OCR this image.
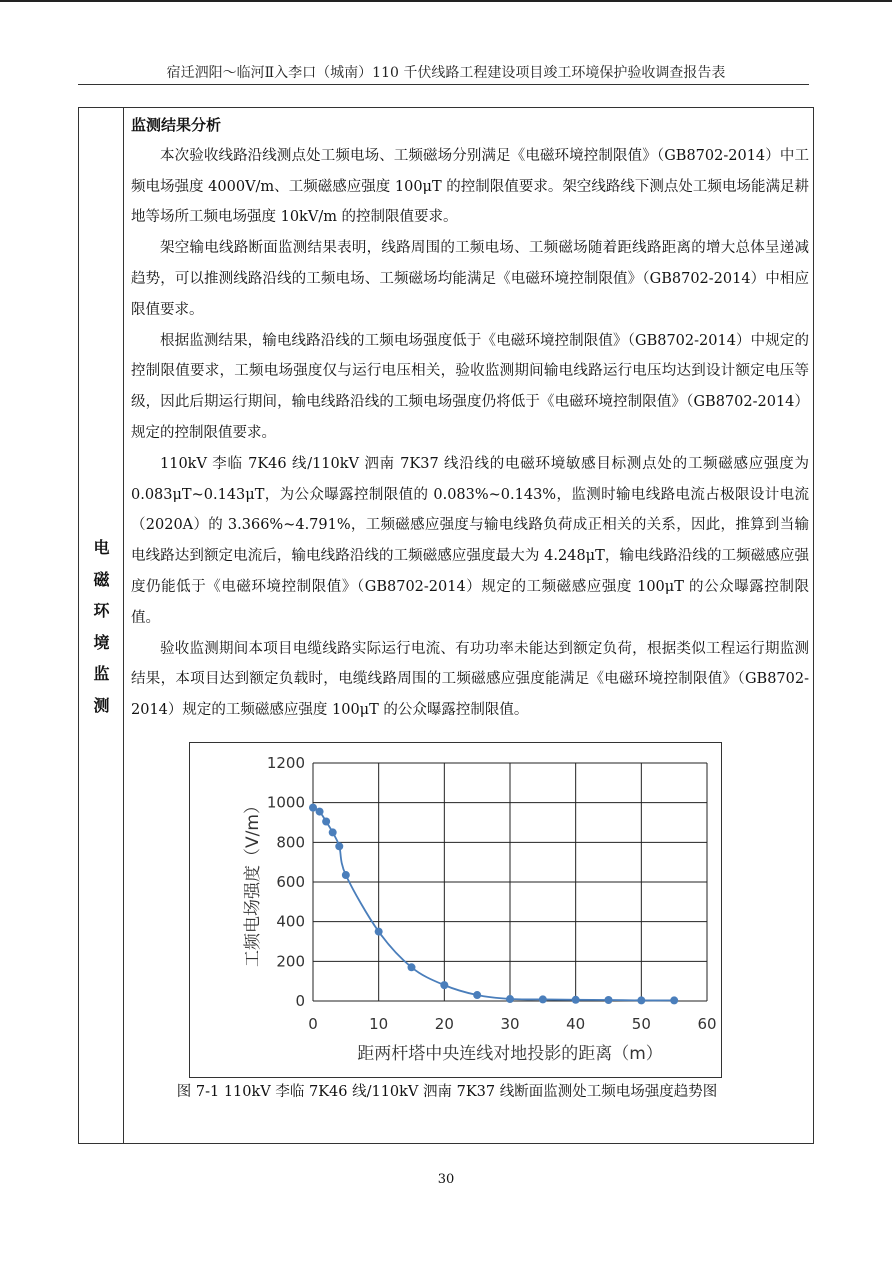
宿迁泗阳～临河Ⅱ入李口（城南）110 千伏线路工程建设项目竣工环境保护验收调查报告表
电
磁
环
境
监
测
监测结果分析

本次验收线路沿线测点处工频电场、工频磁场分别满足《电磁环境控制限值》（GB8702-2014）中工频电场强度 4000V/m、工频磁感应强度 100μT 的控制限值要求。架空线路线下测点处工频电场能满足耕地等场所工频电场强度 10kV/m 的控制限值要求。

架空输电线路断面监测结果表明，线路周围的工频电场、工频磁场随着距线路距离的增大总体呈递减趋势，可以推测线路沿线的工频电场、工频磁场均能满足《电磁环境控制限值》（GB8702-2014）中相应限值要求。

根据监测结果，输电线路沿线的工频电场强度低于《电磁环境控制限值》（GB8702-2014）中规定的控制限值要求，工频电场强度仅与运行电压相关，验收监测期间输电线路运行电压均达到设计额定电压等级，因此后期运行期间，输电线路沿线的工频电场强度仍将低于《电磁环境控制限值》（GB8702-2014）规定的控制限值要求。

110kV 李临 7K46 线/110kV 泗南 7K37 线沿线的电磁环境敏感目标测点处的工频磁感应强度为 0.083μT~0.143μT，为公众曝露控制限值的 0.083%~0.143%，监测时输电线路电流占极限设计电流（2020A）的 3.366%~4.791%，工频磁感应强度与输电线路负荷成正相关的关系，因此，推算到当输电线路达到额定电流后，输电线路沿线的工频磁感应强度最大为 4.248μT，输电线路沿线的工频磁感应强度仍能低于《电磁环境控制限值》（GB8702-2014）规定的工频磁感应强度 100μT 的公众曝露控制限值。

验收监测期间本项目电缆线路实际运行电流、有功功率未能达到额定负荷，根据类似工程运行期监测结果，本项目达到额定负载时，电缆线路周围的工频磁感应强度能满足《电磁环境控制限值》（GB8702-2014）规定的工频磁感应强度 100μT 的公众曝露控制限值。

0
200
400
600
800
1000
1200
0	10	20	30	40	50	60
距两杆塔中央连线对地投影的距离（m）
工频电场强度（V/m）
图 7-1 110kV 李临 7K46 线/110kV 泗南 7K37 线断面监测处工频电场强度趋势图
30
